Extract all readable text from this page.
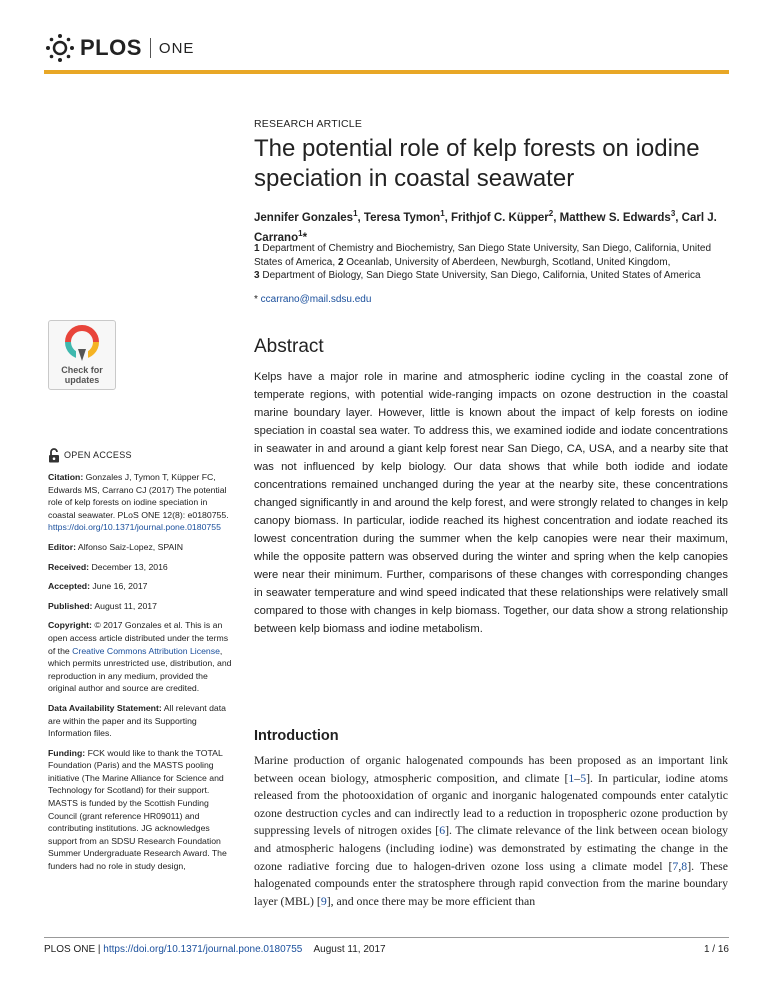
PLOS ONE
RESEARCH ARTICLE
The potential role of kelp forests on iodine speciation in coastal seawater
Jennifer Gonzales$^1$, Teresa Tymon$^1$, Frithjof C. Küpper$^2$, Matthew S. Edwards$^3$, Carl J. Carrano$^1$*
1 Department of Chemistry and Biochemistry, San Diego State University, San Diego, California, United States of America, 2 Oceanlab, University of Aberdeen, Newburgh, Scotland, United Kingdom,
3 Department of Biology, San Diego State University, San Diego, California, United States of America
* ccarrano@mail.sdsu.edu
Check for
updates
Abstract
Kelps have a major role in marine and atmospheric iodine cycling in the coastal zone of temperate regions, with potential wide-ranging impacts on ozone destruction in the coastal marine boundary layer. However, little is known about the impact of kelp forests on iodine speciation in coastal sea water. To address this, we examined iodide and iodate concentrations in seawater in and around a giant kelp forest near San Diego, CA, USA, and a nearby site that was not influenced by kelp biology. Our data shows that while both iodide and iodate concentrations remained unchanged during the year at the nearby site, these concentrations changed significantly in and around the kelp forest, and were strongly related to changes in kelp canopy biomass. In particular, iodide reached its highest concentration and iodate reached its lowest concentration during the summer when the kelp canopies were near their maximum, while the opposite pattern was observed during the winter and spring when the kelp canopies were near their minimum. Further, comparisons of these changes with corresponding changes in seawater temperature and wind speed indicated that these relationships were relatively small compared to those with changes in kelp biomass. Together, our data show a strong relationship between kelp biomass and iodine metabolism.
OPEN ACCESS

Citation: Gonzales J, Tymon T, Küpper FC, Edwards MS, Carrano CJ (2017) The potential role of kelp forests on iodine speciation in coastal seawater. PLoS ONE 12(8): e0180755. https://doi.org/10.1371/journal.pone.0180755

Editor: Alfonso Saiz-Lopez, SPAIN

Received: December 13, 2016

Accepted: June 16, 2017

Published: August 11, 2017

Copyright: © 2017 Gonzales et al. This is an open access article distributed under the terms of the Creative Commons Attribution License, which permits unrestricted use, distribution, and reproduction in any medium, provided the original author and source are credited.

Data Availability Statement: All relevant data are within the paper and its Supporting Information files.

Funding: FCK would like to thank the TOTAL Foundation (Paris) and the MASTS pooling initiative (The Marine Alliance for Science and Technology for Scotland) for their support. MASTS is funded by the Scottish Funding Council (grant reference HR09011) and contributing institutions. JG acknowledges support from an SDSU Research Foundation Summer Undergraduate Research Award. The funders had no role in study design,

Introduction
Marine production of organic halogenated compounds has been proposed as an important link between ocean biology, atmospheric composition, and climate [1–5]. In particular, iodine atoms released from the photooxidation of organic and inorganic halogenated compounds enter catalytic ozone destruction cycles and can indirectly lead to a reduction in tropospheric ozone production by suppressing levels of nitrogen oxides [6]. The climate relevance of the link between ocean biology and atmospheric halogens (including iodine) was demonstrated by estimating the change in the ozone radiative forcing due to halogen-driven ozone loss using a climate model [7,8]. These halogenated compounds enter the stratosphere through rapid convection from the marine boundary layer (MBL) [9], and once there may be more efficient than
PLOS ONE | https://doi.org/10.1371/journal.pone.0180755 August 11, 2017	1 / 16
